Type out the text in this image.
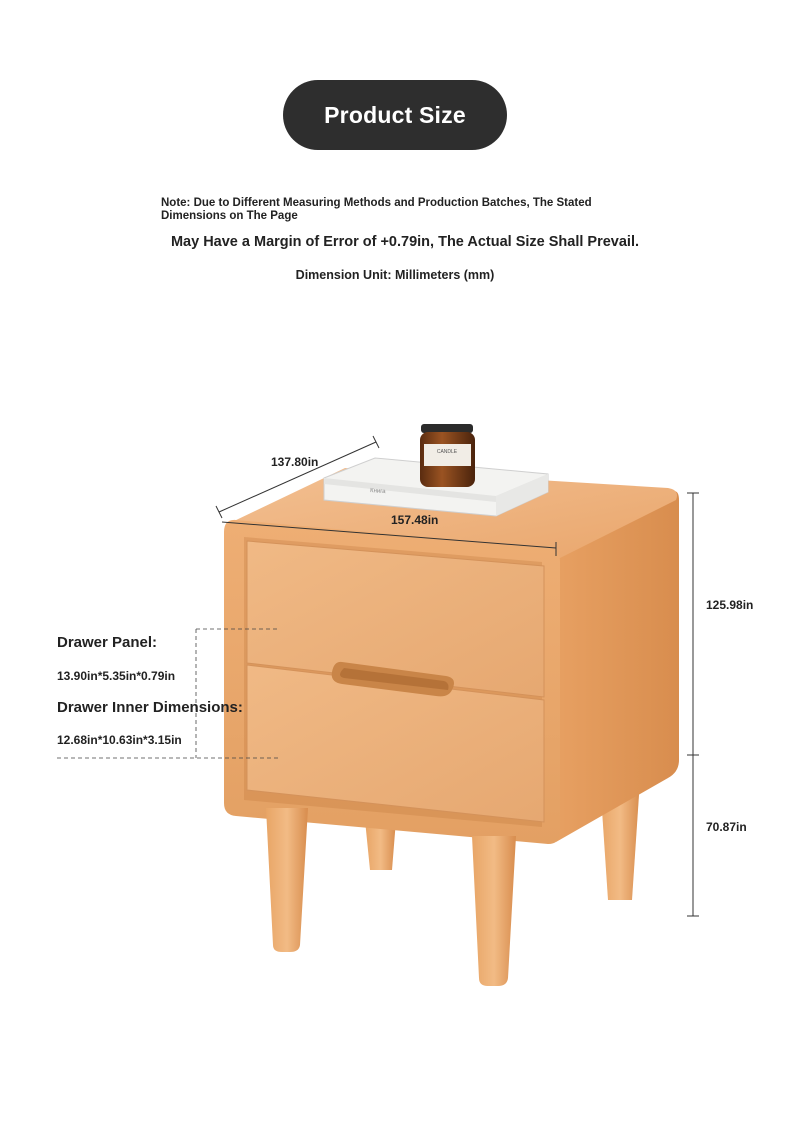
Product Size
Note: Due to Different Measuring Methods and Production Batches, The Stated Dimensions on The Page
May Have a Margin of Error of +0.79in, The Actual Size Shall Prevail.
Dimension Unit: Millimeters (mm)
Книга
CANDLE
137.80in
157.48in
125.98in
70.87in
Drawer Panel:
13.90in*5.35in*0.79in
Drawer Inner Dimensions:
12.68in*10.63in*3.15in
